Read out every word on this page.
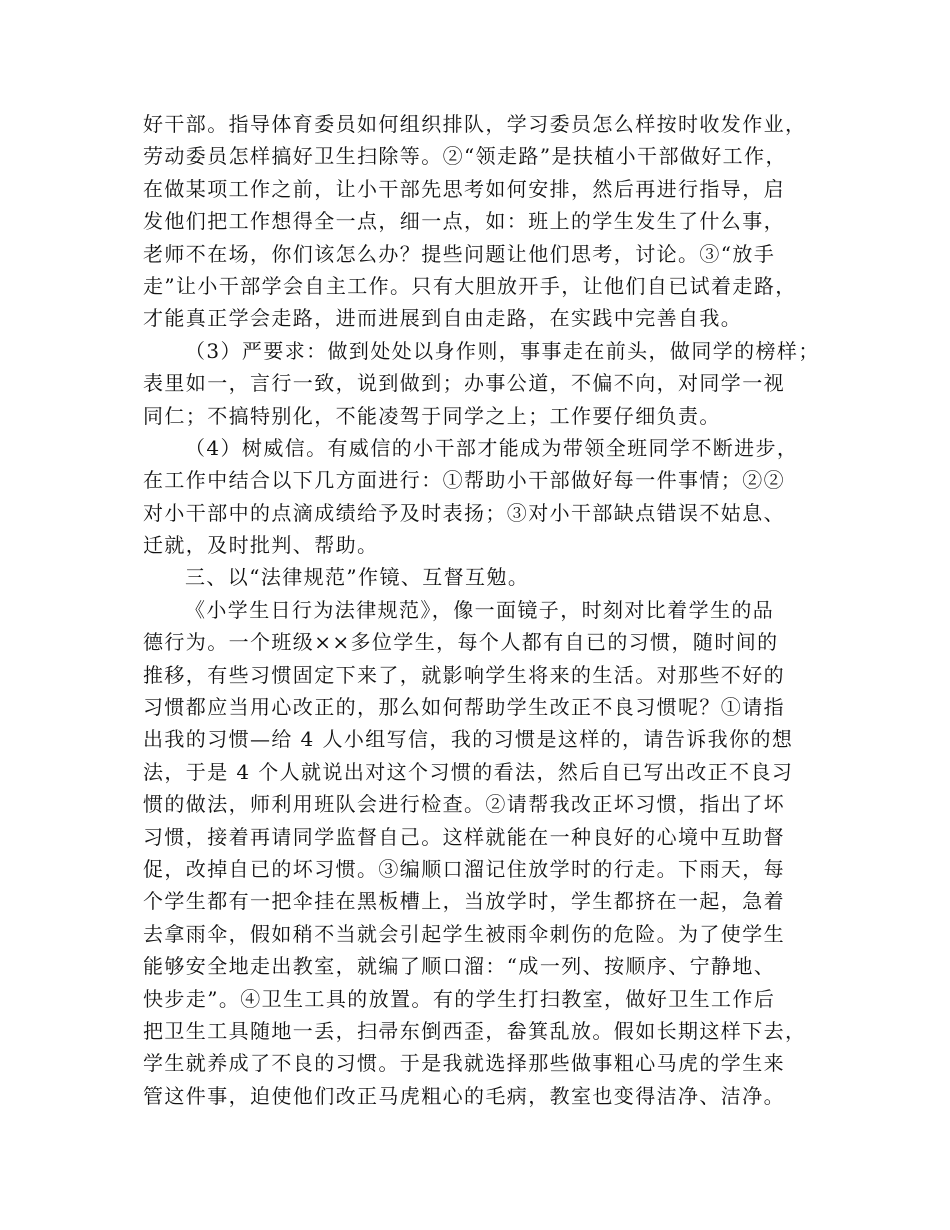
好干部。指导体育委员如何组织排队，学习委员怎么样按时收发作业，
劳动委员怎样搞好卫生扫除等。②“领走路”是扶植小干部做好工作，
在做某项工作之前，让小干部先思考如何安排，然后再进行指导，启
发他们把工作想得全一点，细一点，如：班上的学生发生了什么事，
老师不在场，你们该怎么办？提些问题让他们思考，讨论。③“放手
走”让小干部学会自主工作。只有大胆放开手，让他们自已试着走路，
才能真正学会走路，进而进展到自由走路，在实践中完善自我。
（3）严要求：做到处处以身作则，事事走在前头，做同学的榜样；
表里如一，言行一致，说到做到；办事公道，不偏不向，对同学一视
同仁；不搞特别化，不能凌驾于同学之上；工作要仔细负责。
（4）树威信。有威信的小干部才能成为带领全班同学不断进步，
在工作中结合以下几方面进行：①帮助小干部做好每一件事情；②②
对小干部中的点滴成绩给予及时表扬；③对小干部缺点错误不姑息、
迁就，及时批判、帮助。
三、以“法律规范”作镜、互督互勉。
《小学生日行为法律规范》，像一面镜子，时刻对比着学生的品
德行为。一个班级××多位学生，每个人都有自已的习惯，随时间的
推移，有些习惯固定下来了，就影响学生将来的生活。对那些不好的
习惯都应当用心改正的，那么如何帮助学生改正不良习惯呢？①请指
出我的习惯—给 4 人小组写信，我的习惯是这样的，请告诉我你的想
法，于是 4 个人就说出对这个习惯的看法，然后自已写出改正不良习
惯的做法，师利用班队会进行检查。②请帮我改正坏习惯，指出了坏
习惯，接着再请同学监督自己。这样就能在一种良好的心境中互助督
促，改掉自已的坏习惯。③编顺口溜记住放学时的行走。下雨天，每
个学生都有一把伞挂在黑板槽上，当放学时，学生都挤在一起，急着
去拿雨伞，假如稍不当就会引起学生被雨伞刺伤的危险。为了使学生
能够安全地走出教室，就编了顺口溜：“成一列、按顺序、宁静地、
快步走”。④卫生工具的放置。有的学生打扫教室，做好卫生工作后
把卫生工具随地一丢，扫帚东倒西歪，畚箕乱放。假如长期这样下去，
学生就养成了不良的习惯。于是我就选择那些做事粗心马虎的学生来
管这件事，迫使他们改正马虎粗心的毛病，教室也变得洁净、洁净。
